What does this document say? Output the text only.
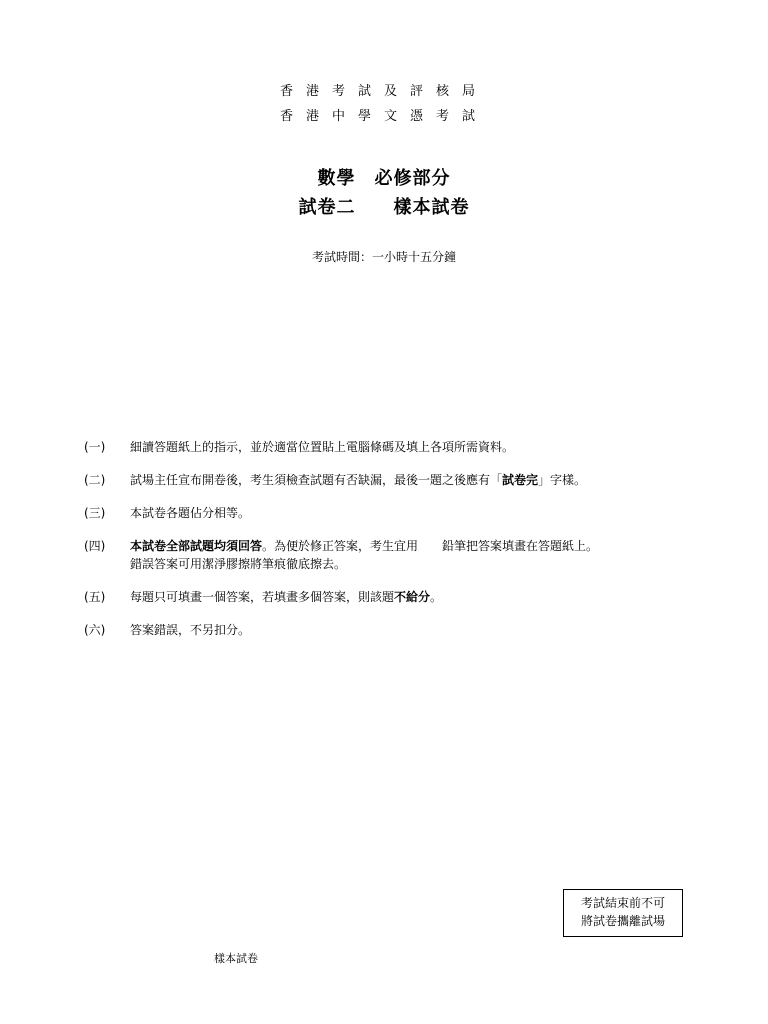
香港考試及評核局
香港中學文憑考試
數學　必修部分
試卷二　　樣本試卷
考試時間：一小時十五分鐘
(一)	細讀答題紙上的指示，並於適當位置貼上電腦條碼及填上各項所需資料。
(二)	試場主任宣布開卷後，考生須檢查試題有否缺漏，最後一題之後應有「試卷完」字樣。
(三)	本試卷各題佔分相等。
(四)	本試卷全部試題均須回答。為便於修正答案，考生宜用　　鉛筆把答案填畫在答題紙上。
錯誤答案可用潔淨膠擦將筆痕徹底擦去。
(五)	每題只可填畫一個答案，若填畫多個答案，則該題不給分。
(六)	答案錯誤，不另扣分。
考試結束前不可
將試卷攜離試場
樣本試卷
